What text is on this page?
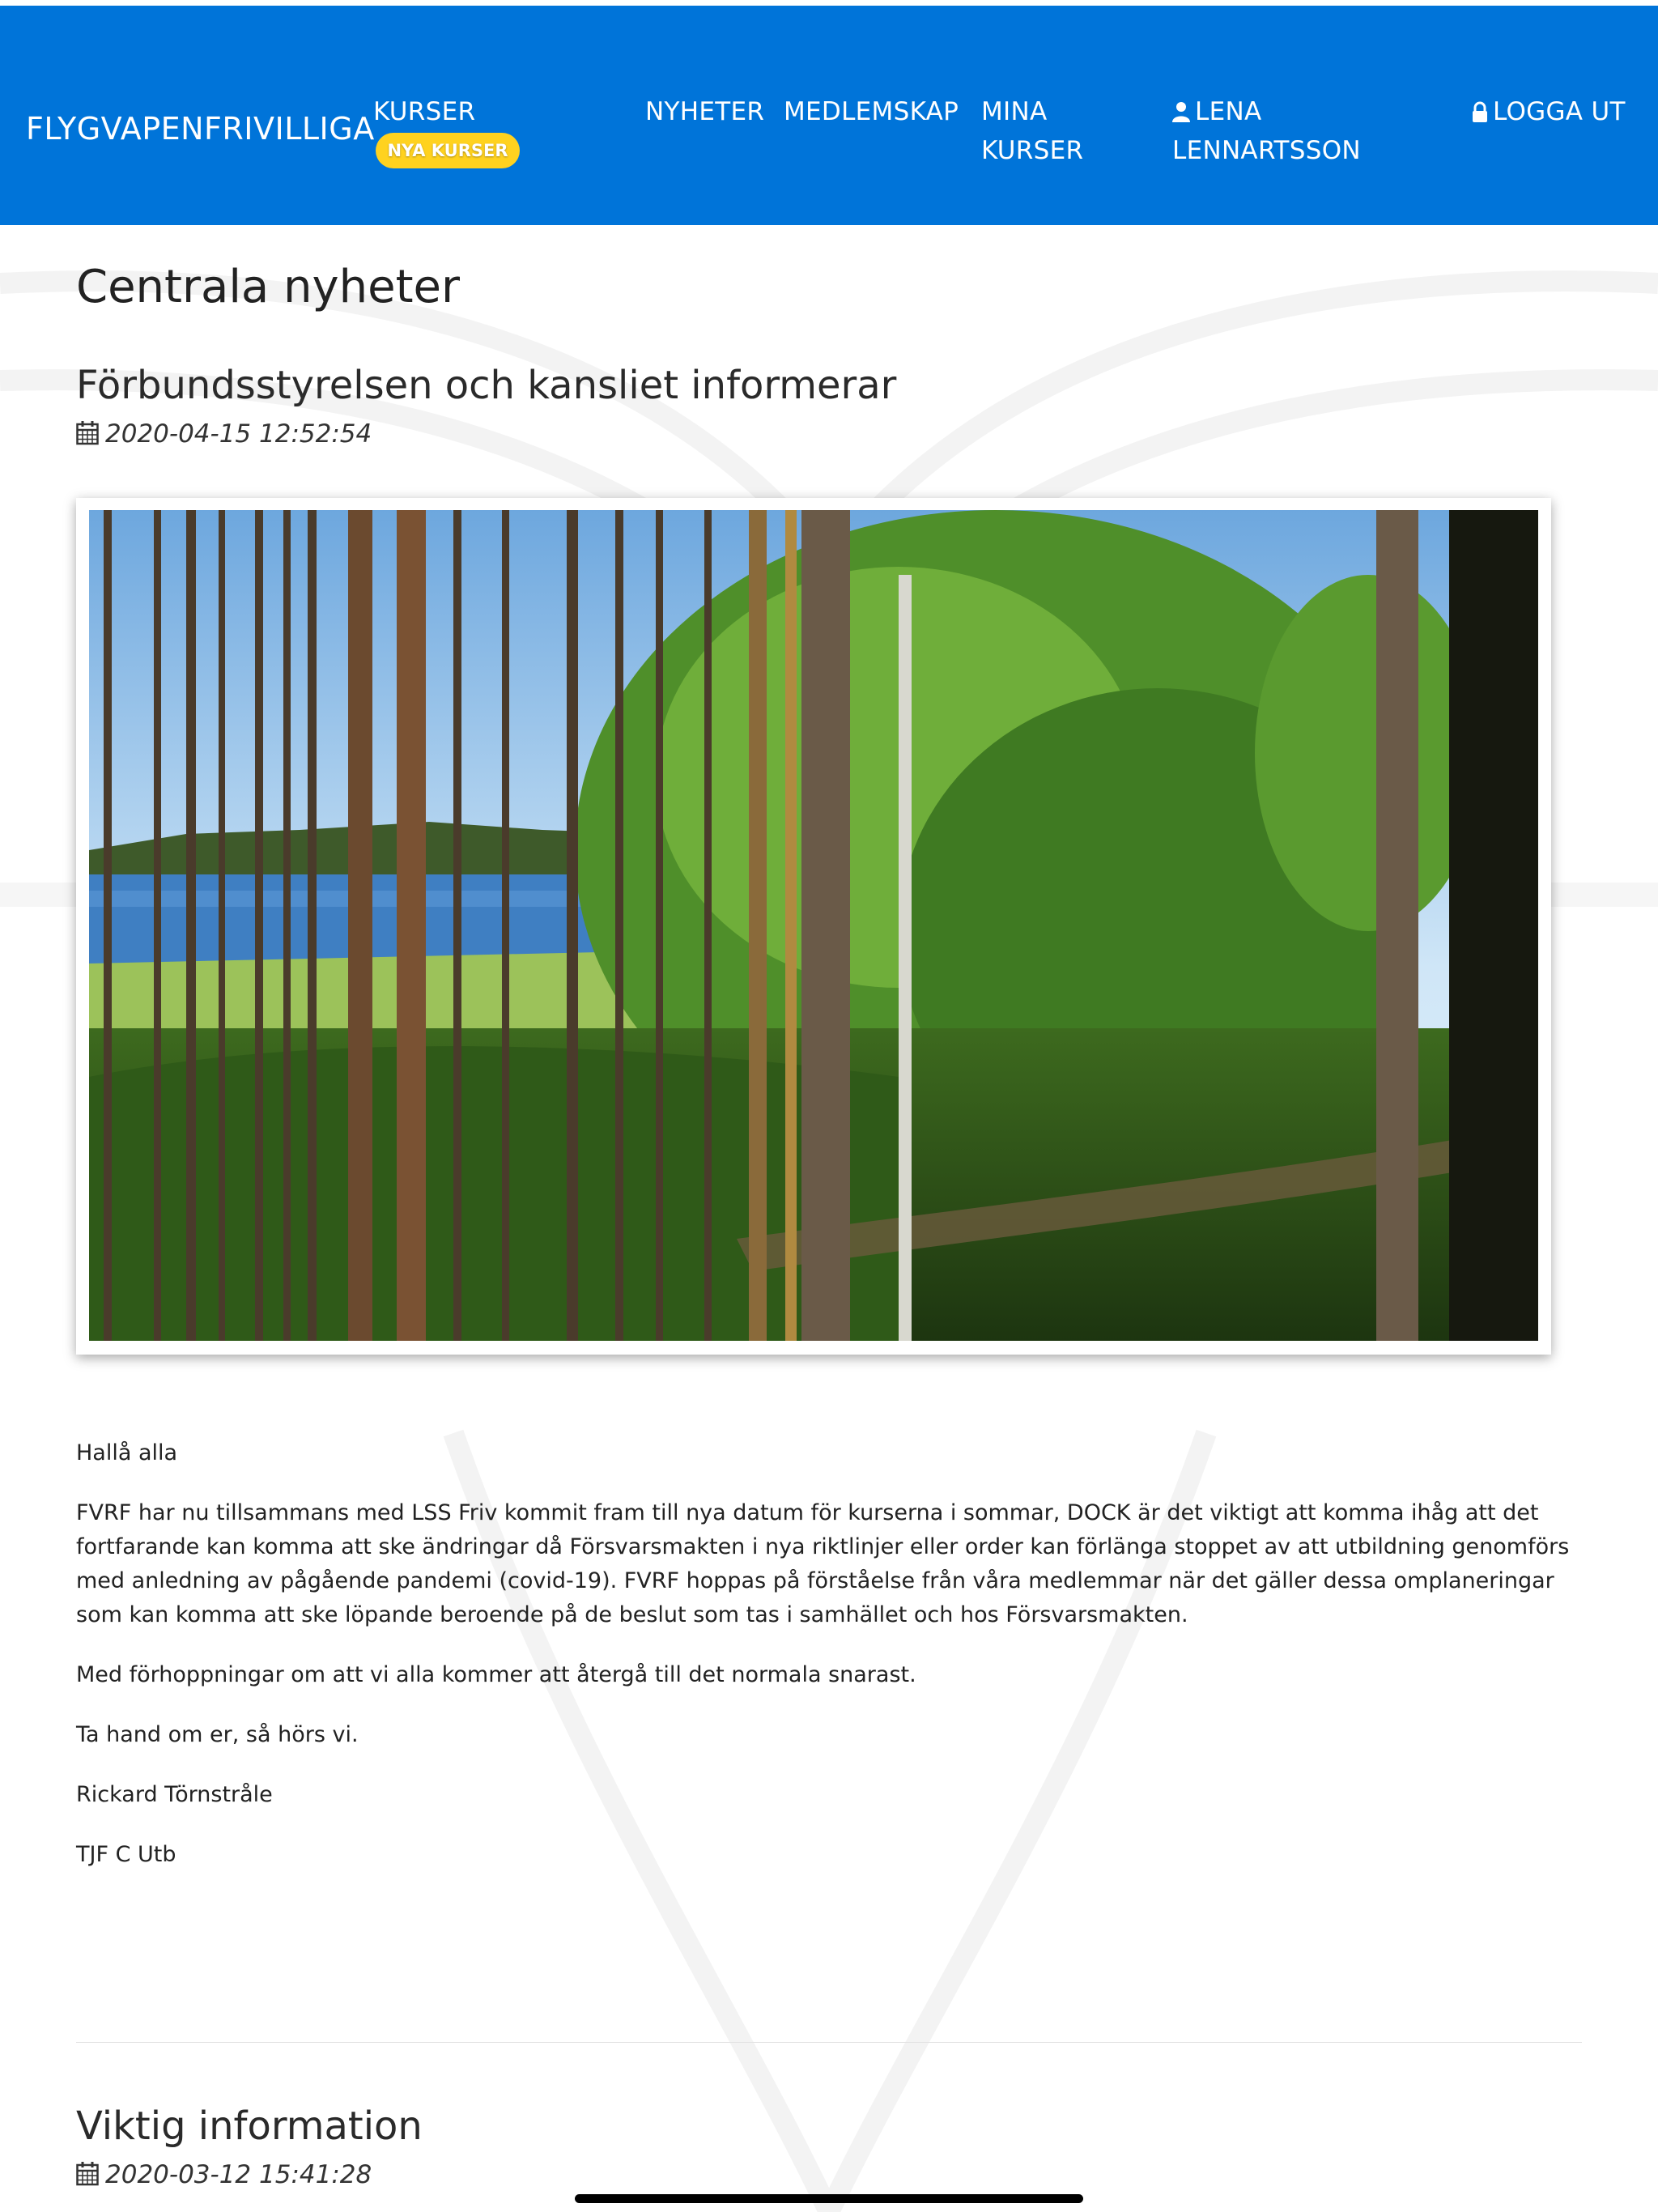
FLYGVAPENFRIVILLIGA
KURSER
NYA KURSER
NYHETER MEDLEMSKAP MINA KURSER
LENA LENNARTSSON
LOGGA UT
Centrala nyheter
Förbundsstyrelsen och kansliet informerar
2020-04-15 12:52:54

Hallå alla

FVRF har nu tillsammans med LSS Friv kommit fram till nya datum för kurserna i sommar, DOCK är det viktigt att komma ihåg att det fortfarande kan komma att ske ändringar då Försvarsmakten i nya riktlinjer eller order kan förlänga stoppet av att utbildning genomförs med anledning av pågående pandemi (covid-19). FVRF hoppas på förståelse från våra medlemmar när det gäller dessa omplaneringar som kan komma att ske löpande beroende på de beslut som tas i samhället och hos Försvarsmakten.

Med förhoppningar om att vi alla kommer att återgå till det normala snarast.

Ta hand om er, så hörs vi.

Rickard Törnstråle

TJF C Utb

Viktig information
2020-03-12 15:41:28
